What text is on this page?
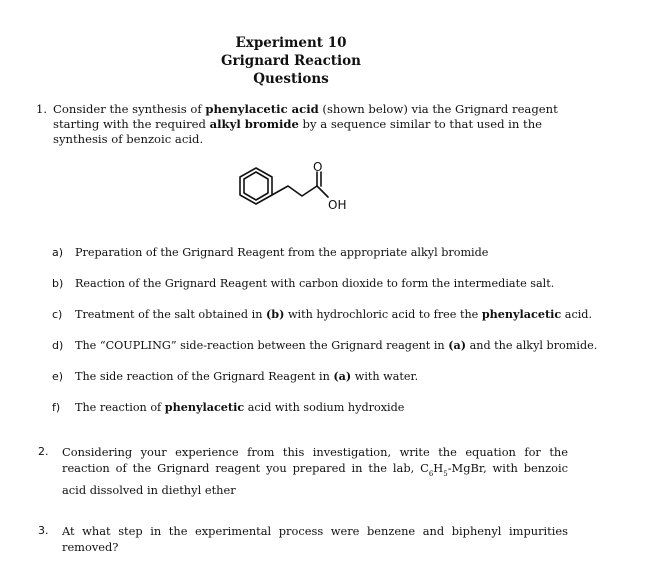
Experiment 10
Grignard Reaction
Questions
1. Consider the synthesis of phenylacetic acid (shown below) via the Grignard reagent starting with the required alkyl bromide by a sequence similar to that used in the synthesis of benzoic acid.
O
OH
a) Preparation of the Grignard Reagent from the appropriate alkyl bromide
b) Reaction of the Grignard Reagent with carbon dioxide to form the intermediate salt.
c) Treatment of the salt obtained in (b) with hydrochloric acid to free the phenylacetic acid.
d) The “COUPLING” side-reaction between the Grignard reagent in (a) and the alkyl bromide.
e) The side reaction of the Grignard Reagent in (a) with water.
f) The reaction of phenylacetic acid with sodium hydroxide
2. Considering your experience from this investigation, write the equation for the reaction of the Grignard reagent you prepared in the lab, $C_6H_5$-MgBr, with benzoic acid dissolved in diethyl ether
3. At what step in the experimental process were benzene and biphenyl impurities removed?
